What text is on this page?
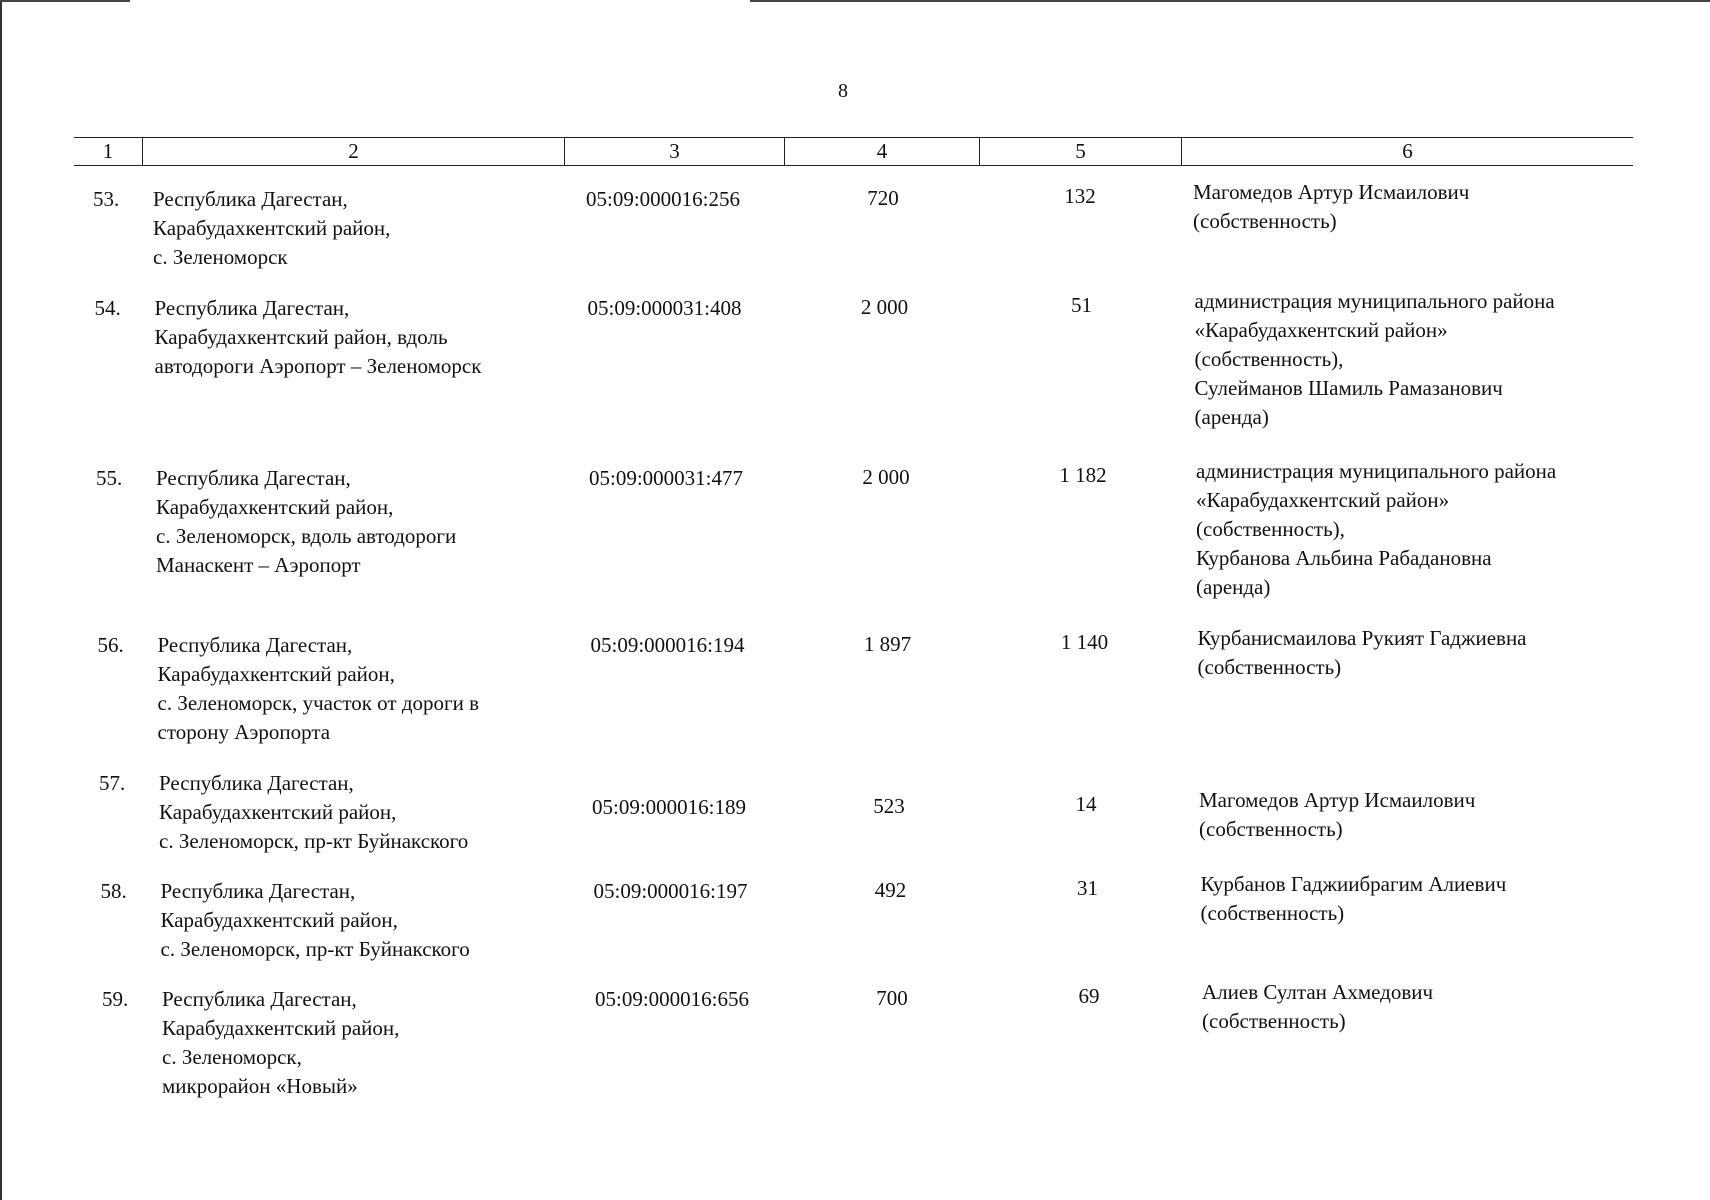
8
1	2	3	4	5	6
53.	Республика Дагестан,
Карабудахкентский район,
с. Зеленоморск
05:09:000016:256	720	132	Магомедов Артур Исмаилович
(собственность)
54.	Республика Дагестан,
Карабудахкентский район, вдоль
автодороги Аэропорт – Зеленоморск
05:09:000031:408	2 000	51	администрация муниципального района
«Карабудахкентский район»
(собственность),
Сулейманов Шамиль Рамазанович
(аренда)
55.	Республика Дагестан,
Карабудахкентский район,
с. Зеленоморск, вдоль автодороги
Манаскент – Аэропорт
05:09:000031:477	2 000	1 182	администрация муниципального района
«Карабудахкентский район»
(собственность),
Курбанова Альбина Рабадановна
(аренда)
56.	Республика Дагестан,
Карабудахкентский район,
с. Зеленоморск, участок от дороги в
сторону Аэропорта
05:09:000016:194	1 897	1 140	Курбанисмаилова Рукият Гаджиевна
(собственность)
57.	Республика Дагестан,
Карабудахкентский район,
с. Зеленоморск, пр-кт Буйнакского
05:09:000016:189	523	14	Магомедов Артур Исмаилович
(собственность)
58.	Республика Дагестан,
Карабудахкентский район,
с. Зеленоморск, пр-кт Буйнакского
05:09:000016:197	492	31	Курбанов Гаджиибрагим Алиевич
(собственность)
59.	Республика Дагестан,
Карабудахкентский район,
с. Зеленоморск,
микрорайон «Новый»
05:09:000016:656	700	69	Алиев Султан Ахмедович
(собственность)
